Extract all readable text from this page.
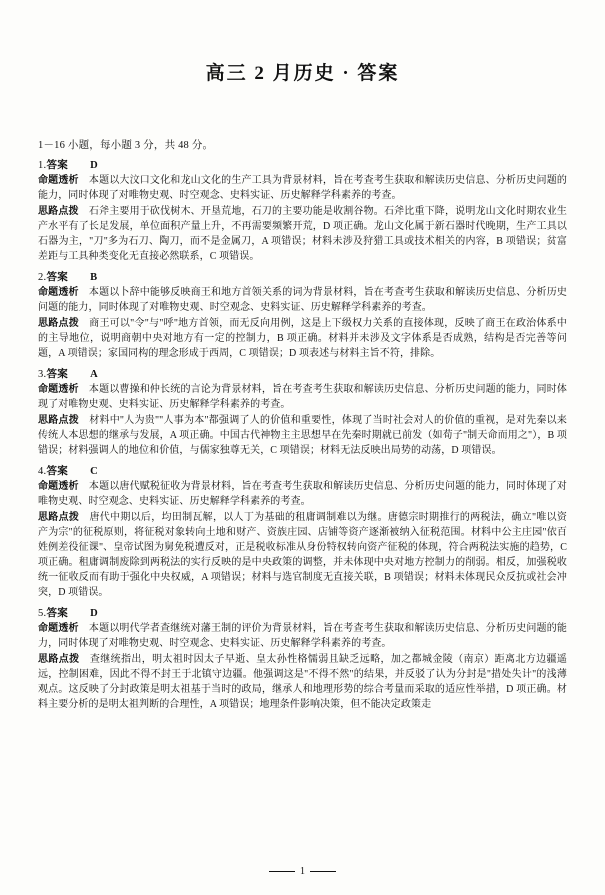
高三 2 月历史 · 答案
1－16 小题，每小题 3 分，共 48 分。
1.答案 D

命题透析　 本题以大汶口文化和龙山文化的生产工具为背景材料，旨在考查考生获取和解读历史信息、分析历史问题的能力，同时体现了对唯物史观、时空观念、史料实证、历史解释学科素养的考查。

思路点拨　 石斧主要用于砍伐树木、开垦荒地，石刀的主要功能是收割谷物。石斧比重下降，说明龙山文化时期农业生产水平有了长足发展，单位面积产量上升，不再需要频繁开荒，D 项正确。龙山文化属于新石器时代晚期，生产工具以石器为主，"刀"多为石刀、陶刀，而不是金属刀，A 项错误；材料未涉及狩猎工具或技术相关的内容，B 项错误；贫富差距与工具种类变化无直接必然联系，C 项错误。

2.答案 B

命题透析　 本题以卜辞中能够反映商王和地方首领关系的词为背景材料，旨在考查考生获取和解读历史信息、分析历史问题的能力，同时体现了对唯物史观、时空观念、史料实证、历史解释学科素养的考查。

思路点拨　 商王可以"令"与"呼"地方首领，而无反向用例，这是上下级权力关系的直接体现，反映了商王在政治体系中的主导地位，说明商朝中央对地方有一定的控制力，B 项正确。材料并未涉及文字体系是否成熟，结构是否完善等问题，A 项错误；家国同构的理念形成于西周，C 项错误；D 项表述与材料主旨不符，排除。

3.答案 A

命题透析　 本题以曹操和仲长统的言论为背景材料，旨在考查考生获取和解读历史信息、分析历史问题的能力，同时体现了对唯物史观、史料实证、历史解释学科素养的考查。

思路点拨　 材料中"人为贵""人事为本"都强调了人的价值和重要性，体现了当时社会对人的价值的重视，是对先秦以来传统人本思想的继承与发展，A 项正确。中国古代神物主主思想早在先秦时期就已前发（如荀子"制天命而用之"），B 项错误；材料强调人的地位和价值，与儒家独尊无关，C 项错误；材料无法反映出局势的动荡，D 项错误。

4.答案 C

命题透析　 本题以唐代赋税征收为背景材料，旨在考查考生获取和解读历史信息、分析历史问题的能力，同时体现了对唯物史观、时空观念、史料实证、历史解释学科素养的考查。

思路点拨　 唐代中期以后，均田制瓦解，以人丁为基础的租庸调制难以为继。唐德宗时期推行的两税法，确立"唯以资产为宗"的征税原则，将征税对象转向土地和财产、资族庄园、店铺等资产逐渐被纳入征税范围。材料中公主庄园"依百姓例差役征课"、皇帝试图为舅免税遭反对，正是税收标准从身份特权转向资产征税的体现，符合两税法实施的趋势，C 项正确。租庸调制废除到两税法的实行反映的是中央政策的调整，并未体现中央对地方控制力的削弱。相反，加强税收统一征收反而有助于强化中央权威，A 项错误；材料与选官制度无直接关联，B 项错误；材料未体现民众反抗或社会冲突，D 项错误。

5.答案 D

命题透析　 本题以明代学者查继统对藩王制的评价为背景材料，旨在考查考生获取和解读历史信息、分析历史问题的能力，同时体现了对唯物史观、时空观念、史料实证、历史解释学科素养的考查。

思路点拨　 查继统指出，明太祖时因太子早逝、皇太孙性格懦弱且缺乏远略，加之都城金陵（南京）距离北方边疆遥远，控制困难，因此不得不封王于北镇守边疆。他强调这是"不得不然"的结果，并反驳了认为分封是"措处失计"的浅薄观点。这反映了分封政策是明太祖基于当时的政局，继承人和地理形势的综合考量而采取的适应性举措，D 项正确。材料主要分析的是明太祖判断的合理性，A 项错误；地理条件影响决策，但不能决定政策走

1
